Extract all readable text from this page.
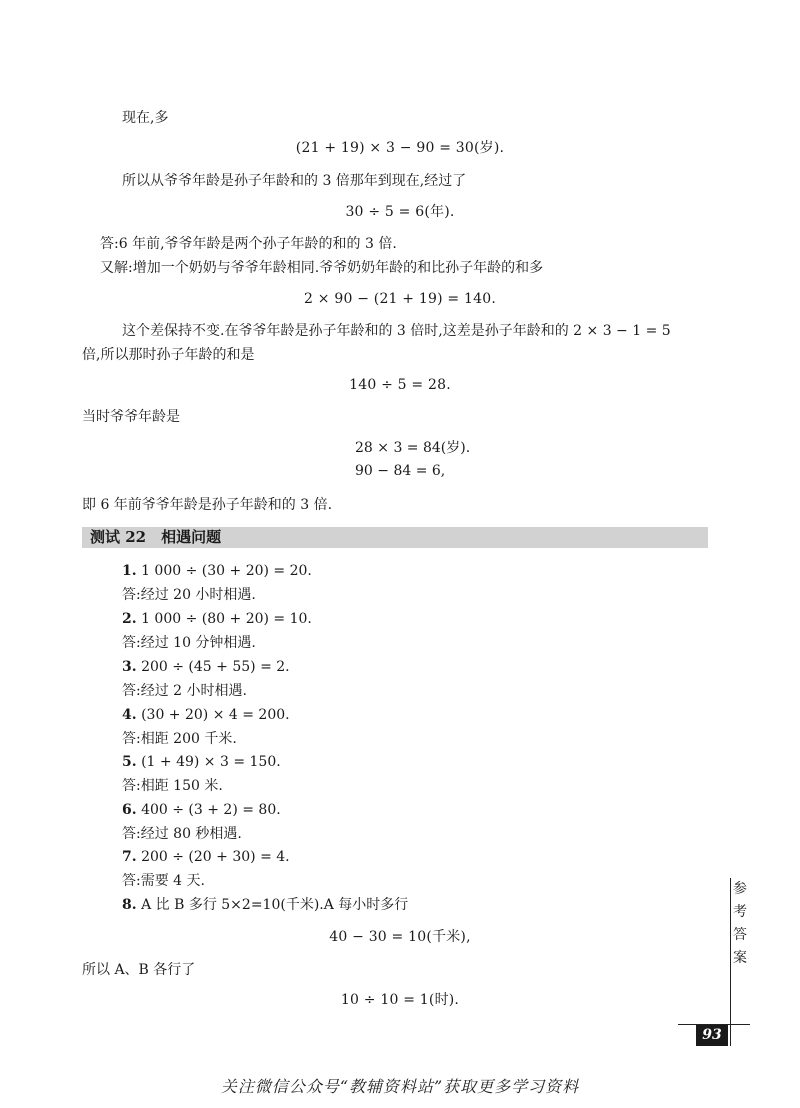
现在,多
(21 + 19) × 3 − 90 = 30(岁).
所以从爷爷年龄是孙子年龄和的 3 倍那年到现在,经过了
30 ÷ 5 = 6(年).
答:6 年前,爷爷年龄是两个孙子年龄的和的 3 倍.
又解:增加一个奶奶与爷爷年龄相同.爷爷奶奶年龄的和比孙子年龄的和多
2 × 90 − (21 + 19) = 140.
这个差保持不变.在爷爷年龄是孙子年龄和的 3 倍时,这差是孙子年龄和的 2 × 3 − 1 = 5
倍,所以那时孙子年龄的和是
140 ÷ 5 = 28.
当时爷爷年龄是
28 × 3 = 84(岁).
90 − 84 = 6,
即 6 年前爷爷年龄是孙子年龄和的 3 倍.
测试 22　相遇问题
1. 1 000 ÷ (30 + 20) = 20.
答:经过 20 小时相遇.
2. 1 000 ÷ (80 + 20) = 10.
答:经过 10 分钟相遇.
3. 200 ÷ (45 + 55) = 2.
答:经过 2 小时相遇.
4. (30 + 20) × 4 = 200.
答:相距 200 千米.
5. (1 + 49) × 3 = 150.
答:相距 150 米.
6. 400 ÷ (3 + 2) = 80.
答:经过 80 秒相遇.
7. 200 ÷ (20 + 30) = 4.
答:需要 4 天.
8. A 比 B 多行 5×2=10(千米).A 每小时多行
40 − 30 = 10(千米),
所以 A、B 各行了
10 ÷ 10 = 1(时).
参考答案
93
关注微信公众号“教辅资料站”获取更多学习资料
